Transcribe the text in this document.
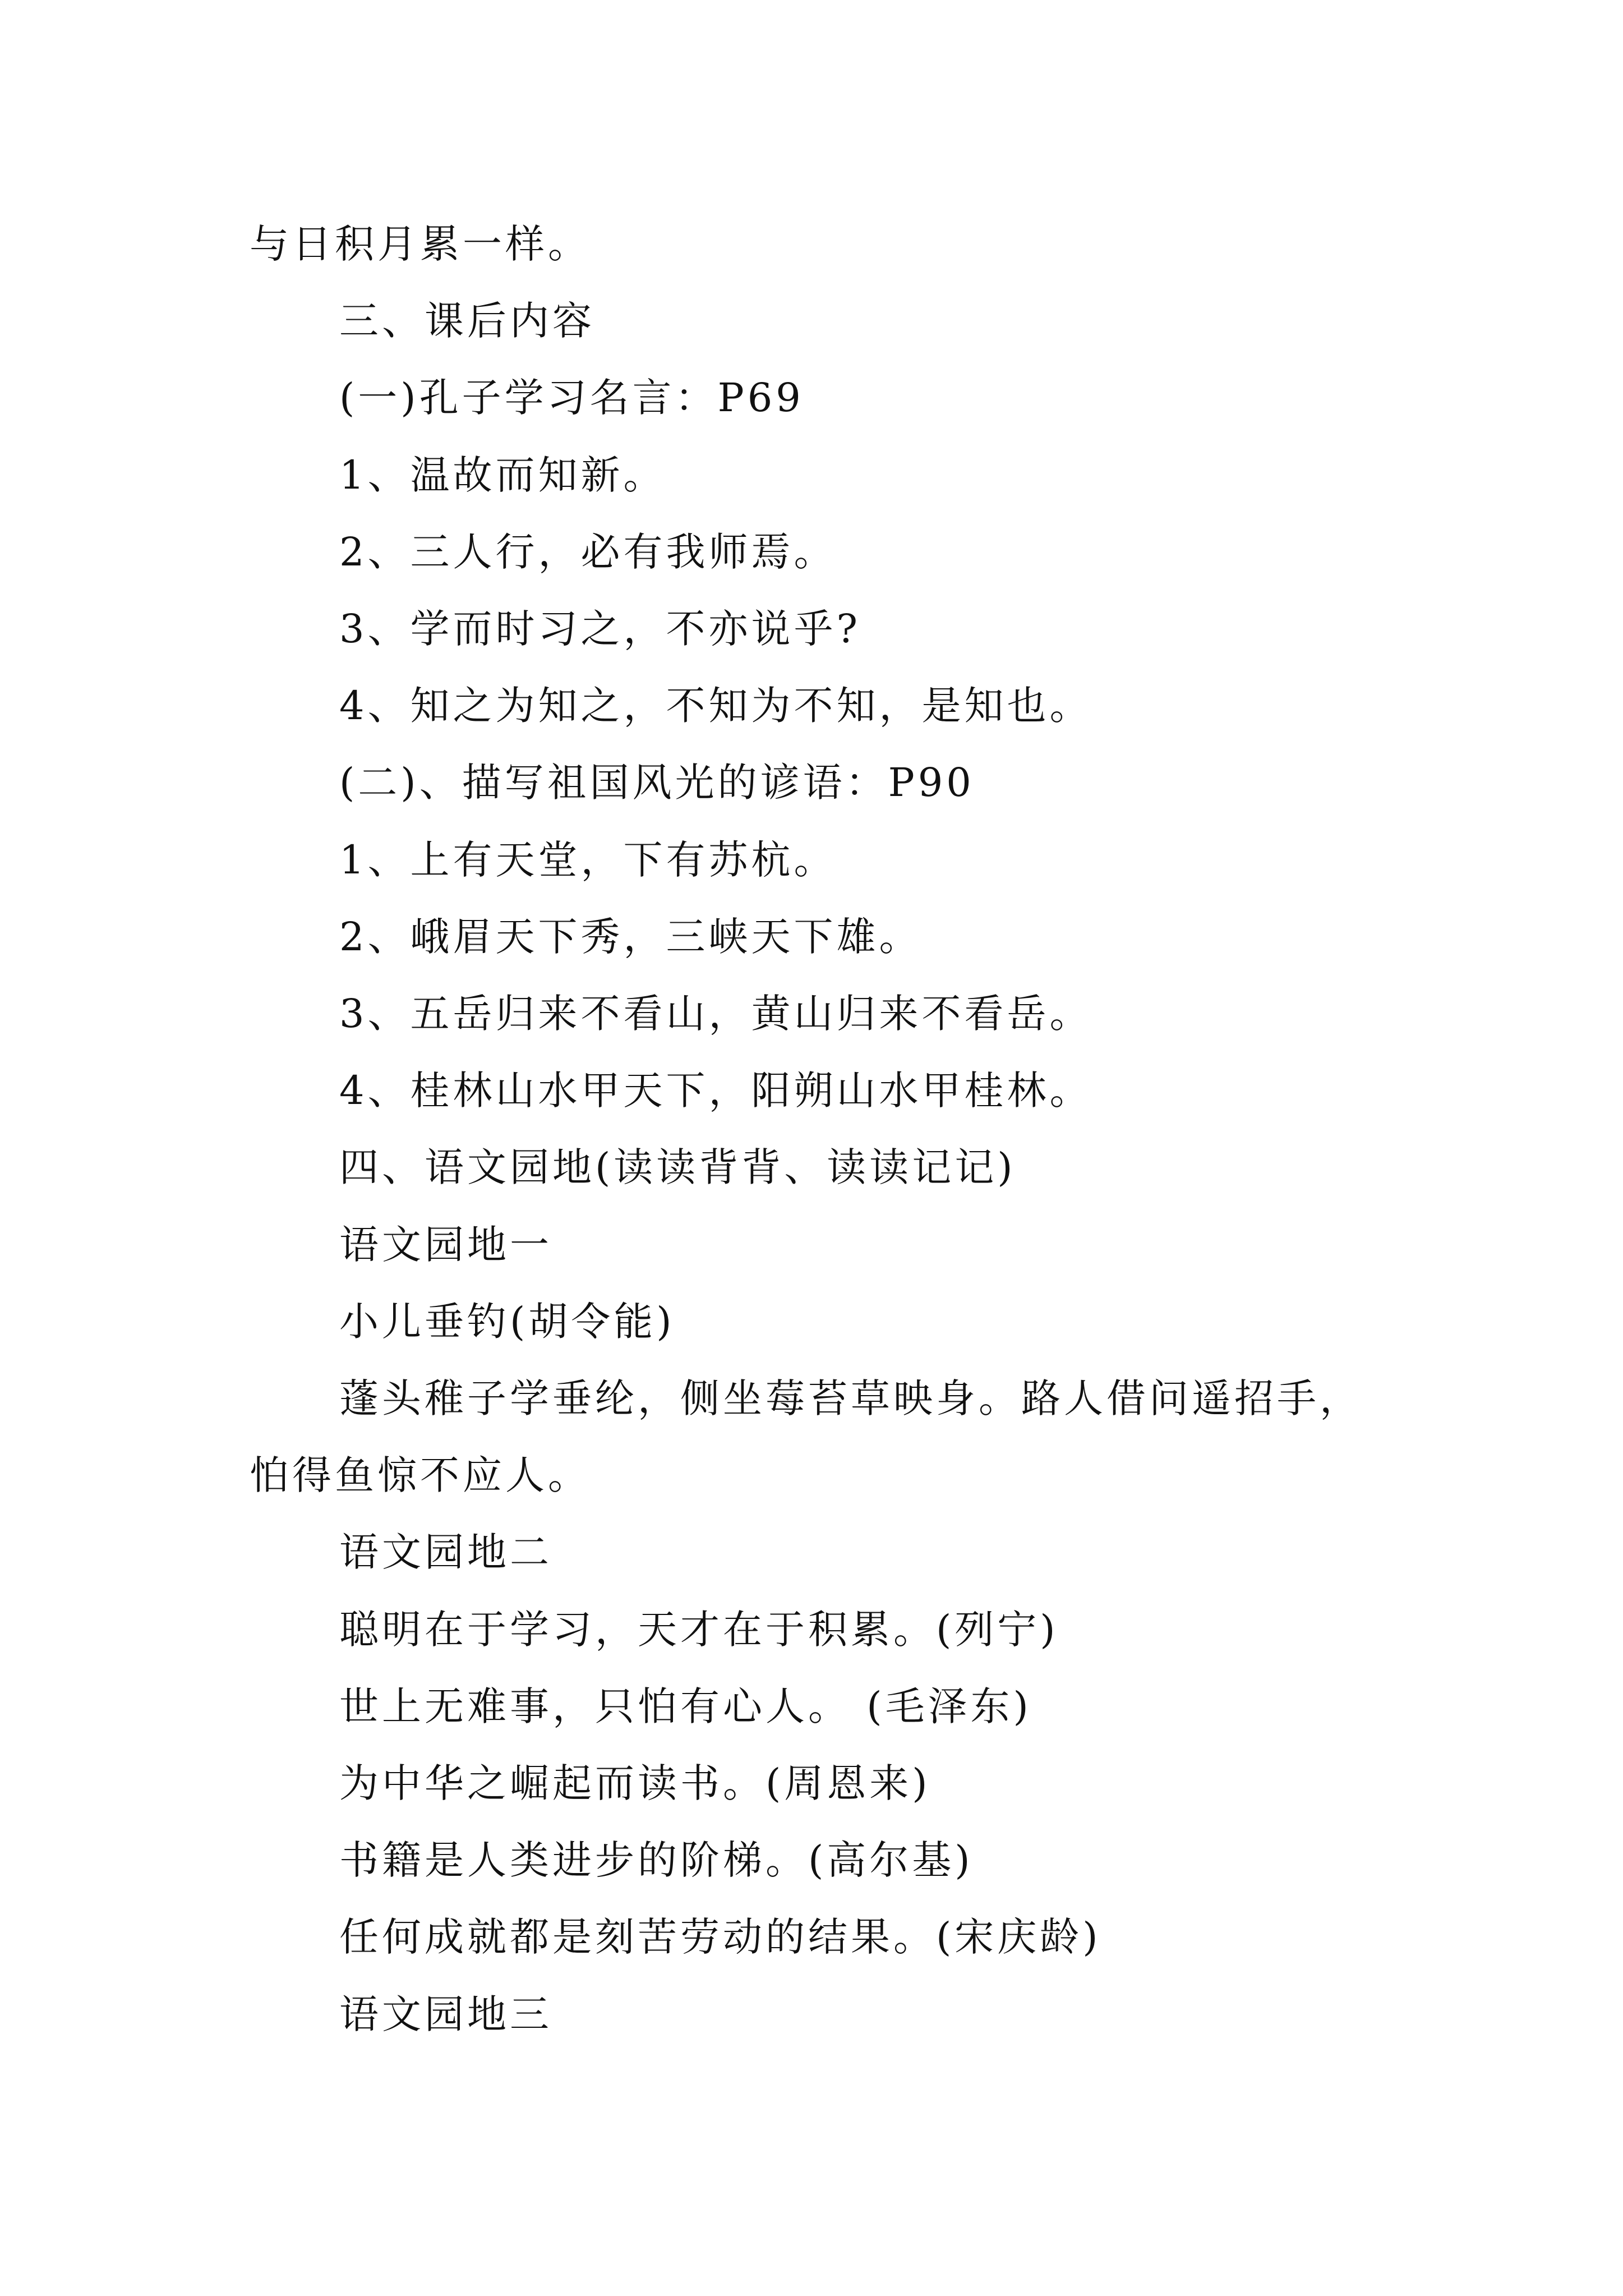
与日积月累一样。
三、课后内容
(一)孔子学习名言：P69
1、温故而知新。
2、三人行，必有我师焉。
3、学而时习之，不亦说乎?
4、知之为知之，不知为不知，是知也。
(二)、描写祖国风光的谚语：P90
1、上有天堂，下有苏杭。
2、峨眉天下秀，三峡天下雄。
3、五岳归来不看山，黄山归来不看岳。
4、桂林山水甲天下，阳朔山水甲桂林。
四、语文园地(读读背背、读读记记)
语文园地一
小儿垂钓(胡令能)
蓬头稚子学垂纶，侧坐莓苔草映身。路人借问遥招手，
怕得鱼惊不应人。
语文园地二
聪明在于学习，天才在于积累。(列宁)
世上无难事，只怕有心人。 (毛泽东)
为中华之崛起而读书。(周恩来)
书籍是人类进步的阶梯。(高尔基)
任何成就都是刻苦劳动的结果。(宋庆龄)
语文园地三
